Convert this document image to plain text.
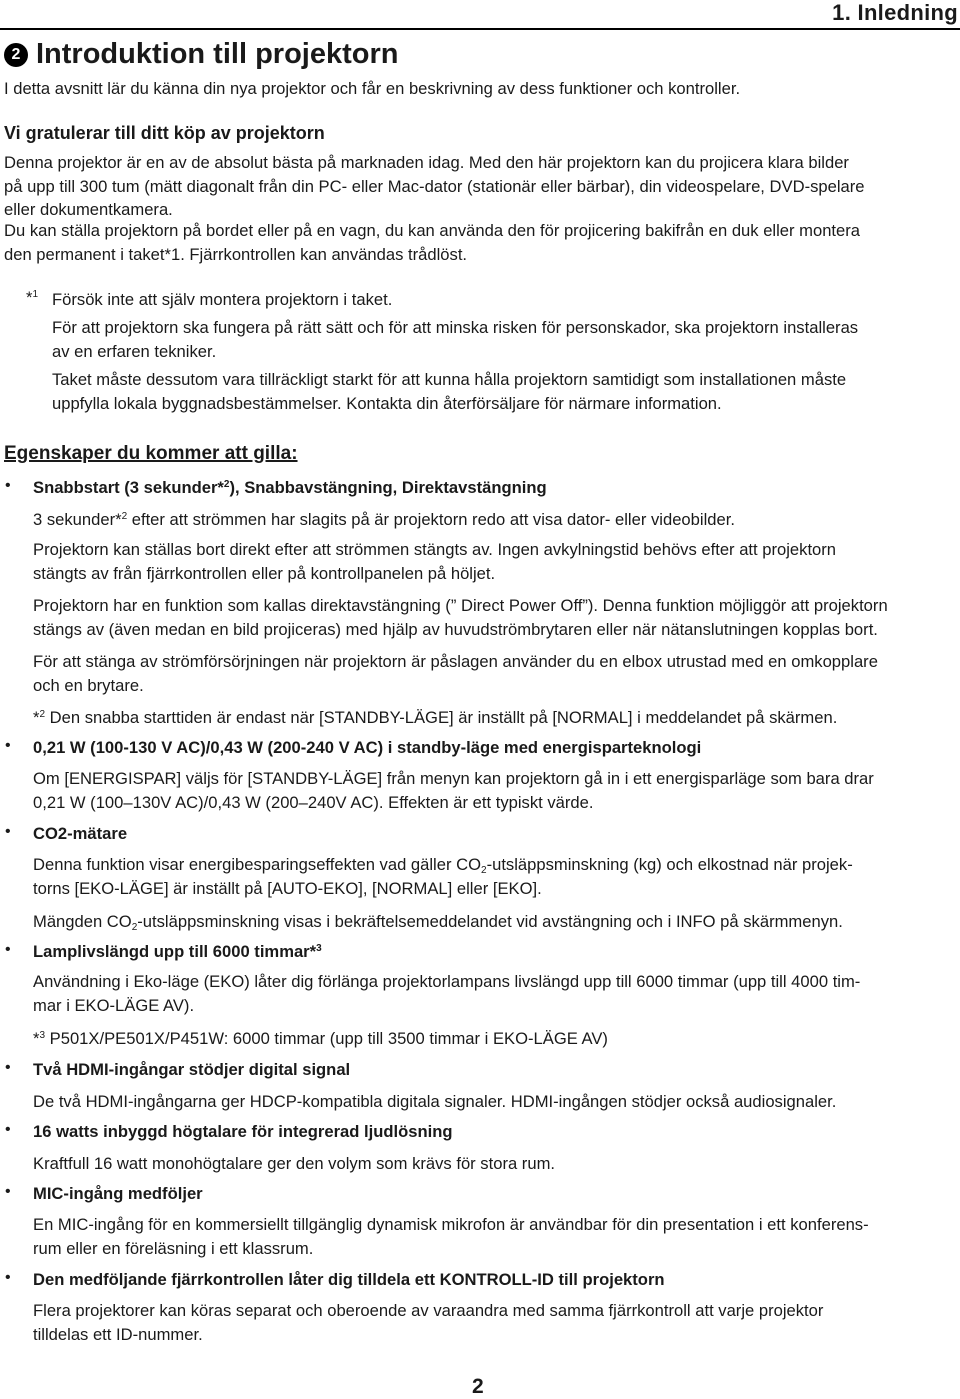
1. Inledning
2 Introduktion till projektorn
I detta avsnitt lär du känna din nya projektor och får en beskrivning av dess funktioner och kontroller.
Vi gratulerar till ditt köp av projektorn
Denna projektor är en av de absolut bästa på marknaden idag. Med den här projektorn kan du projicera klara bilder
på upp till 300 tum (mätt diagonalt från din PC- eller Mac-dator (stationär eller bärbar), din videospelare, DVD-spelare
eller dokumentkamera.
Du kan ställa projektorn på bordet eller på en vagn, du kan använda den för projicering bakifrån en duk eller montera
den permanent i taket*1. Fjärrkontrollen kan användas trådlöst.
*$^1$ Försök inte att själv montera projektorn i taket.
För att projektorn ska fungera på rätt sätt och för att minska risken för personskador, ska projektorn installeras
av en erfaren tekniker.
Taket måste dessutom vara tillräckligt starkt för att kunna hålla projektorn samtidigt som installationen måste
uppfylla lokala byggnadsbestämmelser. Kontakta din återförsäljare för närmare information.
Egenskaper du kommer att gilla:
• Snabbstart (3 sekunder*$^2$), Snabbavstängning, Direktavstängning
3 sekunder*$^2$ efter att strömmen har slagits på är projektorn redo att visa dator- eller videobilder.
Projektorn kan ställas bort direkt efter att strömmen stängts av. Ingen avkylningstid behövs efter att projektorn
stängts av från fjärrkontrollen eller på kontrollpanelen på höljet.
Projektorn har en funktion som kallas direktavstängning (” Direct Power Off”). Denna funktion möjliggör att projektorn
stängs av (även medan en bild projiceras) med hjälp av huvudströmbrytaren eller när nätanslutningen kopplas bort.
För att stänga av strömförsörjningen när projektorn är påslagen använder du en elbox utrustad med en omkopplare
och en brytare.
*$^2$ Den snabba starttiden är endast när [STANDBY-LÄGE] är inställt på [NORMAL] i meddelandet på skärmen.
• 0,21 W (100-130 V AC)/0,43 W (200-240 V AC) i standby-läge med energisparteknologi
Om [ENERGISPAR] väljs för [STANDBY-LÄGE] från menyn kan projektorn gå in i ett energisparläge som bara drar
0,21 W (100–130V AC)/0,43 W (200–240V AC). Effekten är ett typiskt värde.
• CO2-mätare
Denna funktion visar energibesparingseffekten vad gäller $CO_2$-utsläppsminskning (kg) och elkostnad när projek-
torns [EKO-LÄGE] är inställt på [AUTO-EKO], [NORMAL] eller [EKO].
Mängden $CO_2$-utsläppsminskning visas i bekräftelsemeddelandet vid avstängning och i INFO på skärmmenyn.
• Lamplivslängd upp till 6000 timmar*$^3$
Användning i Eko-läge (EKO) låter dig förlänga projektorlampans livslängd upp till 6000 timmar (upp till 4000 tim-
mar i EKO-LÄGE AV).
*$^3$ P501X/PE501X/P451W: 6000 timmar (upp till 3500 timmar i EKO-LÄGE AV)
• Två HDMI-ingångar stödjer digital signal
De två HDMI-ingångarna ger HDCP-kompatibla digitala signaler. HDMI-ingången stödjer också audiosignaler.
• 16 watts inbyggd högtalare för integrerad ljudlösning
Kraftfull 16 watt monohögtalare ger den volym som krävs för stora rum.
• MIC-ingång medföljer
En MIC-ingång för en kommersiellt tillgänglig dynamisk mikrofon är användbar för din presentation i ett konferens-
rum eller en föreläsning i ett klassrum.
• Den medföljande fjärrkontrollen låter dig tilldela ett KONTROLL-ID till projektorn
Flera projektorer kan köras separat och oberoende av varaandra med samma fjärrkontroll att varje projektor
tilldelas ett ID-nummer.
2
